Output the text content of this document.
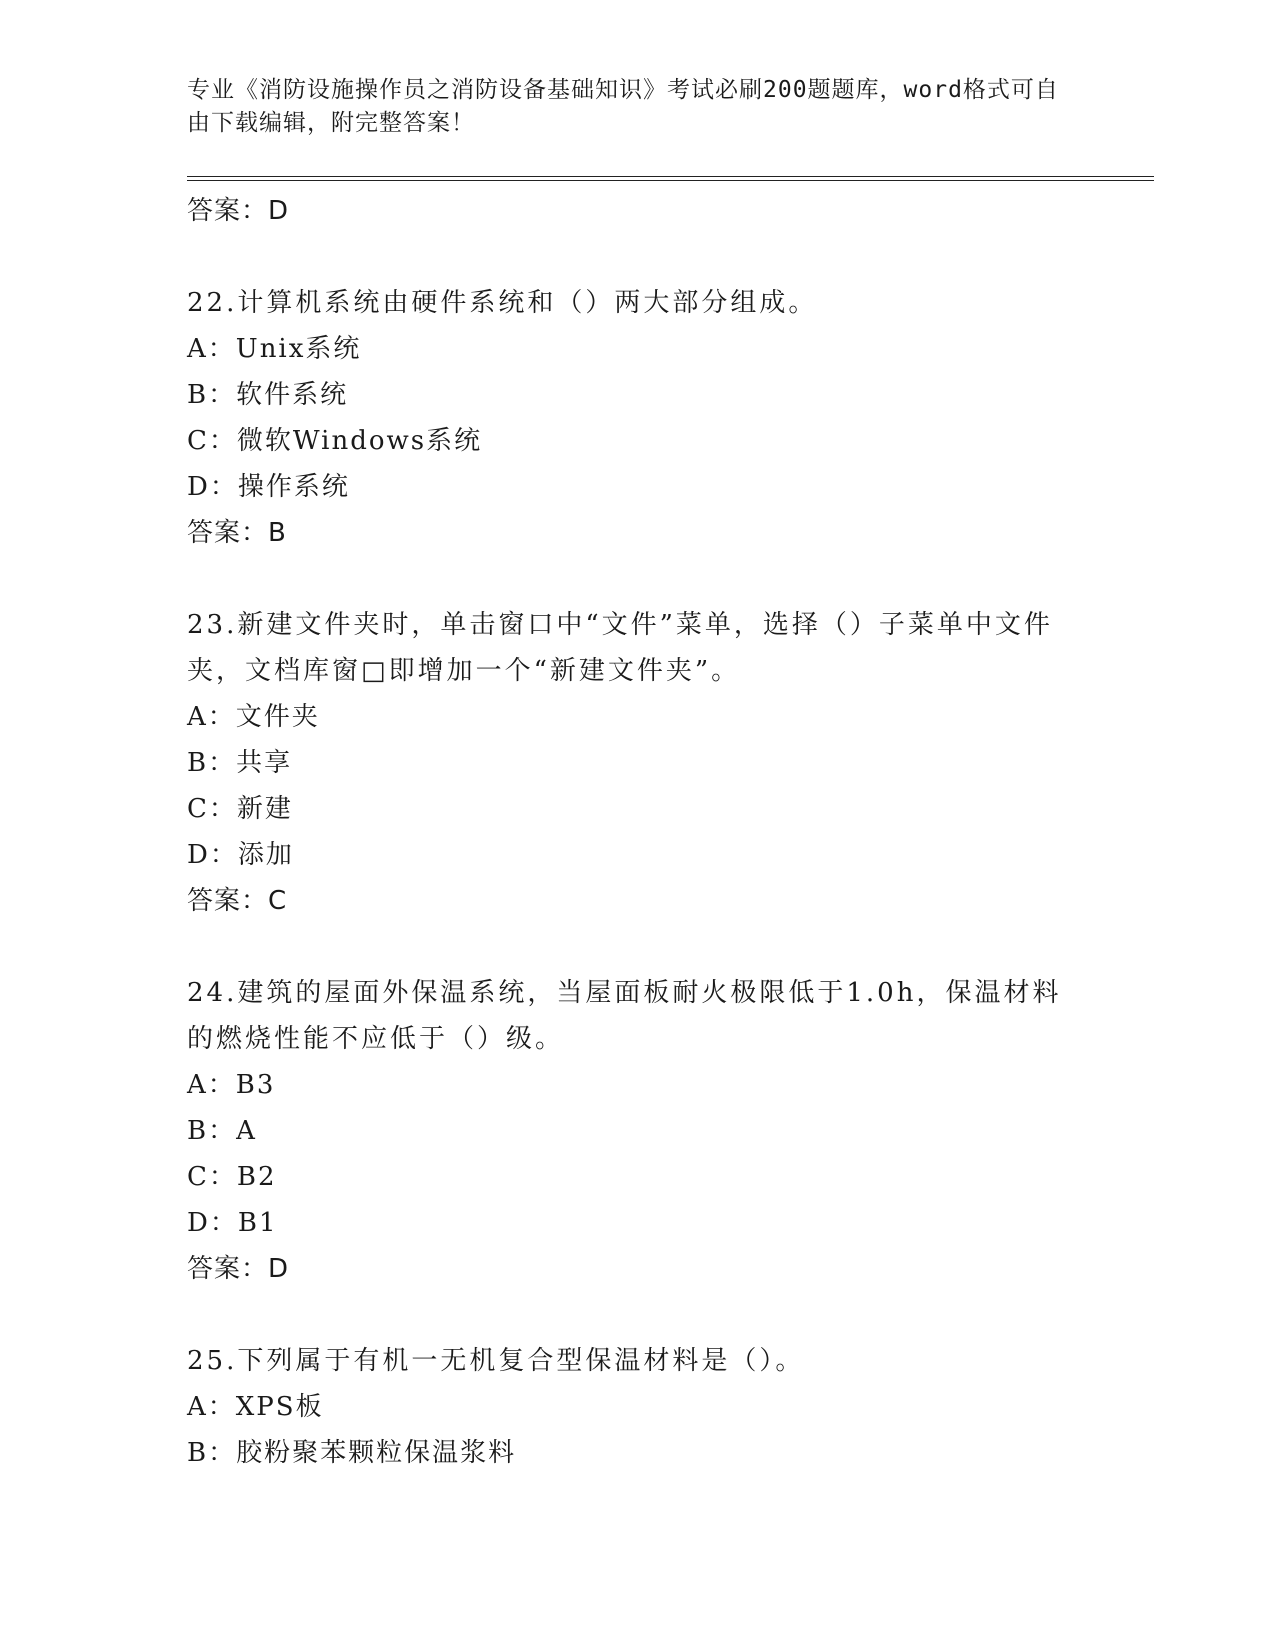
专业《消防设施操作员之消防设备基础知识》考试必刷200题题库，word格式可自由下载编辑，附完整答案！
答案：D
22.计算机系统由硬件系统和（）两大部分组成。
A：Unix系统
B：软件系统
C：微软Windows系统
D：操作系统
答案：B
23.新建文件夹时，单击窗口中“文件”菜单，选择（）子菜单中文件夹，文档库窗□即增加一个“新建文件夹”。
A：文件夹
B：共享
C：新建
D：添加
答案：C
24.建筑的屋面外保温系统，当屋面板耐火极限低于1.0h，保温材料的燃烧性能不应低于（）级。
A：B3
B：A
C：B2
D：B1
答案：D
25.下列属于有机一无机复合型保温材料是（）。
A：XPS板
B：胶粉聚苯颗粒保温浆料
